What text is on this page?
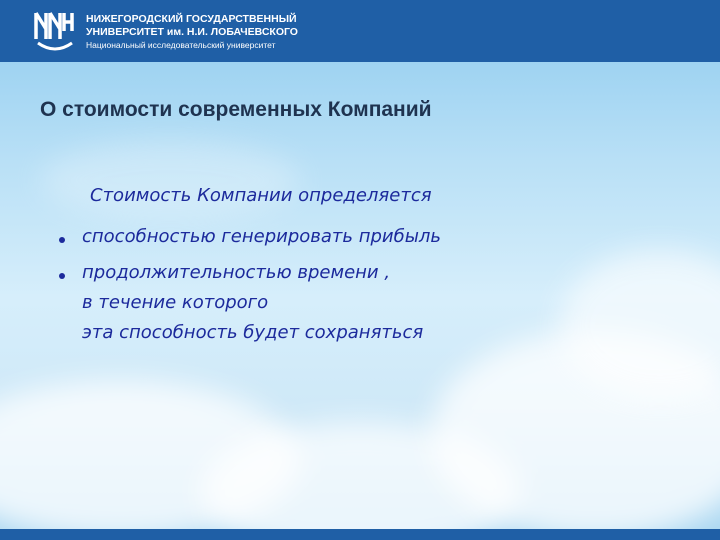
НИЖЕГОРОДСКИЙ ГОСУДАРСТВЕННЫЙ
УНИВЕРСИТЕТ им. Н.И. ЛОБАЧЕВСКОГО
Национальный исследовательский университет
О стоимости современных Компаний
Стоимость Компании определяется
способностью генерировать прибыль
продолжительностью времени ,
в течение которого
эта способность будет сохраняться
